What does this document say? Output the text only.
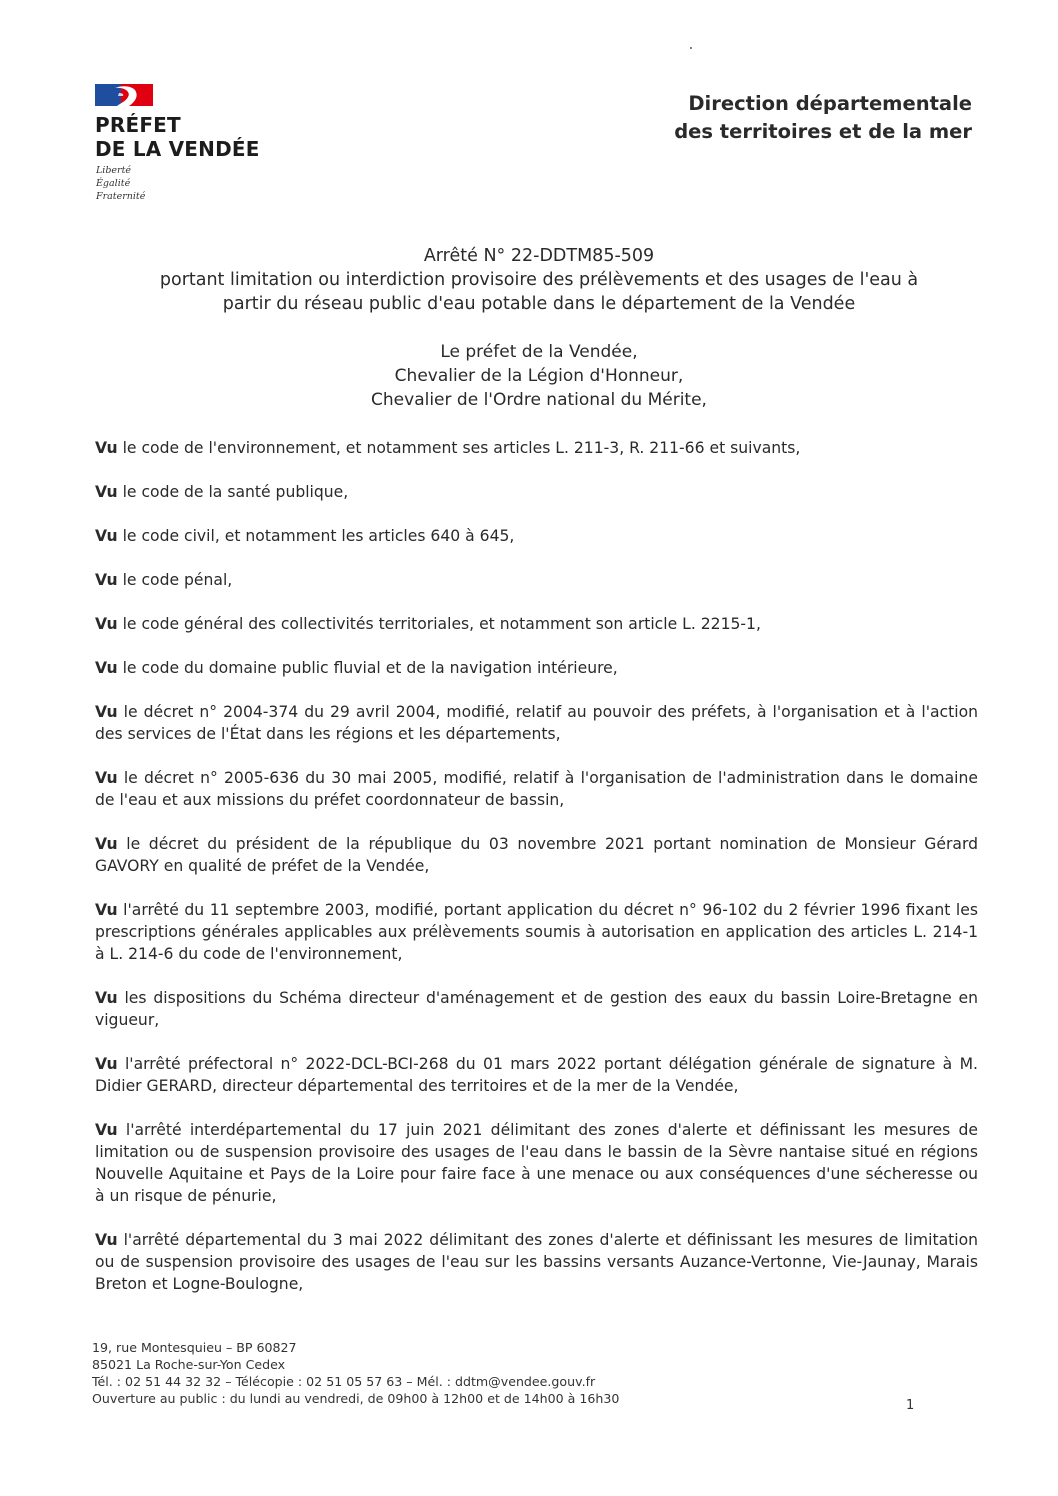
PRÉFET
DE LA VENDÉE
Liberté
Égalité
Fraternité
Direction départementale
des territoires et de la mer
Arrêté N° 22-DDTM85-509
portant limitation ou interdiction provisoire des prélèvements et des usages de l'eau à
partir du réseau public d'eau potable dans le département de la Vendée
Le préfet de la Vendée,
Chevalier de la Légion d'Honneur,
Chevalier de l'Ordre national du Mérite,

Vu le code de l'environnement, et notamment ses articles L. 211-3, R. 211-66 et suivants,

Vu le code de la santé publique,

Vu le code civil, et notamment les articles 640 à 645,

Vu le code pénal,

Vu le code général des collectivités territoriales, et notamment son article L. 2215-1,

Vu le code du domaine public fluvial et de la navigation intérieure,

Vu le décret n° 2004-374 du 29 avril 2004, modifié, relatif au pouvoir des préfets, à l'organisation et à l'action des services de l'État dans les régions et les départements,

Vu le décret n° 2005-636 du 30 mai 2005, modifié, relatif à l'organisation de l'administration dans le domaine de l'eau et aux missions du préfet coordonnateur de bassin,

Vu le décret du président de la république du 03 novembre 2021 portant nomination de Monsieur Gérard GAVORY en qualité de préfet de la Vendée,

Vu l'arrêté du 11 septembre 2003, modifié, portant application du décret n° 96-102 du 2 février 1996 fixant les prescriptions générales applicables aux prélèvements soumis à autorisation en application des articles L. 214-1 à L. 214-6 du code de l'environnement,

Vu les dispositions du Schéma directeur d'aménagement et de gestion des eaux du bassin Loire-Bretagne en vigueur,

Vu l'arrêté préfectoral n° 2022-DCL-BCI-268 du 01 mars 2022 portant délégation générale de signature à M. Didier GERARD, directeur départemental des territoires et de la mer de la Vendée,

Vu l'arrêté interdépartemental du 17 juin 2021 délimitant des zones d'alerte et définissant les mesures de limitation ou de suspension provisoire des usages de l'eau dans le bassin de la Sèvre nantaise situé en régions Nouvelle Aquitaine et Pays de la Loire pour faire face à une menace ou aux conséquences d'une sécheresse ou à un risque de pénurie,

Vu l'arrêté départemental du 3 mai 2022 délimitant des zones d'alerte et définissant les mesures de limitation ou de suspension provisoire des usages de l'eau sur les bassins versants Auzance-Vertonne, Vie-Jaunay, Marais Breton et Logne-Boulogne,

19, rue Montesquieu – BP 60827
85021 La Roche-sur-Yon Cedex
Tél. : 02 51 44 32 32 – Télécopie : 02 51 05 57 63 – Mél. : ddtm@vendee.gouv.fr
Ouverture au public : du lundi au vendredi, de 09h00 à 12h00 et de 14h00 à 16h30	1
